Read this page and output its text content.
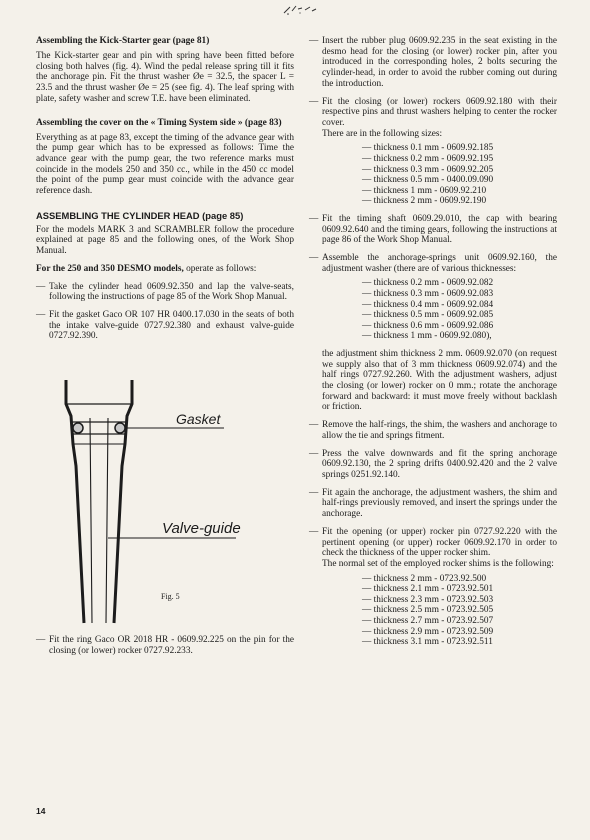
Assembling the Kick-Starter gear (page 81)

The Kick-starter gear and pin with spring have been fitted before closing both halves (fig. 4). Wind the pedal release spring till it fits the anchorage pin. Fit the thrust washer Øe = 32.5, the spacer L = 23.5 and the thrust washer Øe = 25 (see fig. 4). The leaf spring with plate, safety washer and screw T.E. have been eliminated.

Assembling the cover on the « Timing System side » (page 83)

Everything as at page 83, except the timing of the advance gear with the pump gear which has to be expressed as follows: Time the advance gear with the pump gear, the two reference marks must coincide in the models 250 and 350 cc., while in the 450 cc model the point of the pump gear must coincide with the advance gear reference dash.

ASSEMBLING THE CYLINDER HEAD (page 85)

For the models MARK 3 and SCRAMBLER follow the procedure explained at page 85 and the following ones, of the Work Shop Manual.

For the 250 and 350 DESMO models, operate as follows:

— Take the cylinder head 0609.92.350 and lap the valve-seats, following the instructions of page 85 of the Work Shop Manual.

— Fit the gasket Gaco OR 107 HR 0400.17.030 in the seats of both the intake valve-guide 0727.92.380 and exhaust valve-guide 0727.92.390.

Gasket
Valve-guide
Fig. 5
— Fit the ring Gaco OR 2018 HR - 0609.92.225 on the pin for the closing (or lower) rocker 0727.92.233.

— Insert the rubber plug 0609.92.235 in the seat existing in the desmo head for the closing (or lower) rocker pin, after you introduced in the corresponding holes, 2 bolts securing the cylinder-head, in order to avoid the rubber coming out during the introduction.

— Fit the closing (or lower) rockers 0609.92.180 with their respective pins and thrust washers helping to center the rocker cover.

There are in the following sizes:

— thickness 0.1 mm - 0609.92.185
— thickness 0.2 mm - 0609.92.195
— thickness 0.3 mm - 0609.92.205
— thickness 0.5 mm - 0400.09.090
— thickness 1 mm - 0609.92.210
— thickness 2 mm - 0609.92.190
— Fit the timing shaft 0609.29.010, the cap with bearing 0609.92.640 and the timing gears, following the instructions at page 86 of the Work Shop Manual.

— Assemble the anchorage-springs unit 0609.92.160, the adjustment washer (there are of various thicknesses:

— thickness 0.2 mm - 0609.92.082
— thickness 0.3 mm - 0609.92.083
— thickness 0.4 mm - 0609.92.084
— thickness 0.5 mm - 0609.92.085
— thickness 0.6 mm - 0609.92.086
— thickness 1 mm - 0609.92.080),

the adjustment shim thickness 2 mm. 0609.92.070 (on request we supply also that of 3 mm thickness 0609.92.074) and the half rings 0727.92.260. With the adjustment washers, adjust the closing (or lower) rocker on 0 mm.; rotate the anchorage forward and backward: it must move freely without backlash or friction.

— Remove the half-rings, the shim, the washers and anchorage to allow the tie and springs fitment.

— Press the valve downwards and fit the spring anchorage 0609.92.130, the 2 spring drifts 0400.92.420 and the 2 valve springs 0251.92.140.

— Fit again the anchorage, the adjustment washers, the shim and half-rings previously removed, and insert the springs under the anchorage.

— Fit the opening (or upper) rocker pin 0727.92.220 with the pertinent opening (or upper) rocker 0609.92.170 in order to check the thickness of the upper rocker shim.

The normal set of the employed rocker shims is the following:

— thickness 2 mm - 0723.92.500
— thickness 2.1 mm - 0723.92.501
— thickness 2.3 mm - 0723.92.503
— thickness 2.5 mm - 0723.92.505
— thickness 2.7 mm - 0723.92.507
— thickness 2.9 mm - 0723.92.509
— thickness 3.1 mm - 0723.92.511
14
